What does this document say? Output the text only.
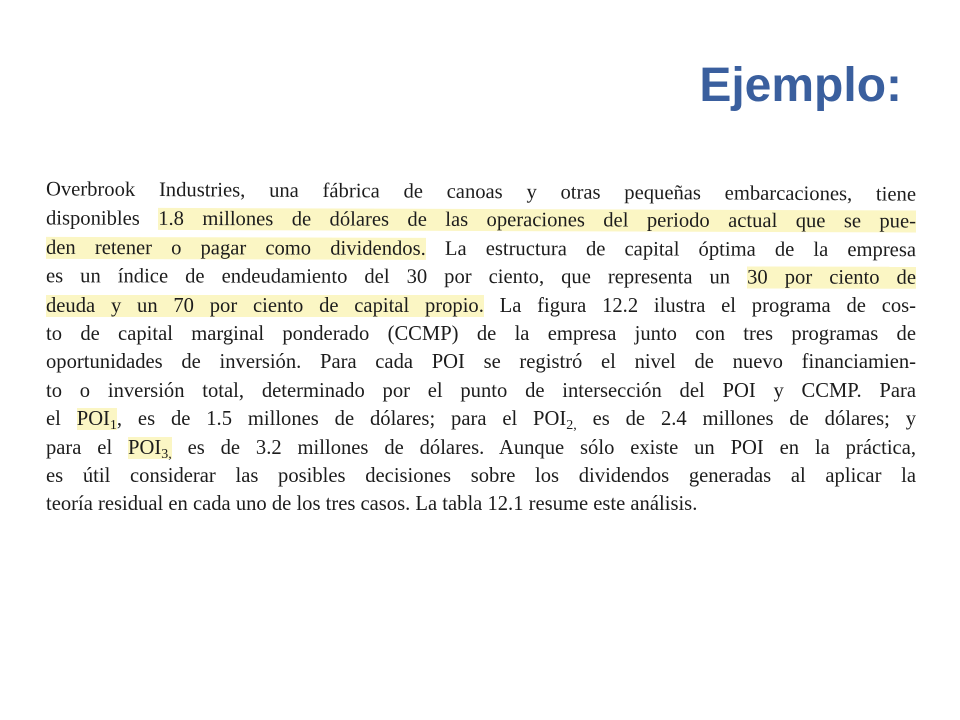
Ejemplo:
Overbrook Industries, una fábrica de canoas y otras pequeñas embarcaciones, tiene
disponibles 1.8 millones de dólares de las operaciones del periodo actual que se pue-
den retener o pagar como dividendos. La estructura de capital óptima de la empresa
es un índice de endeudamiento del 30 por ciento, que representa un 30 por ciento de
deuda y un 70 por ciento de capital propio. La figura 12.2 ilustra el programa de cos-
to de capital marginal ponderado (CCMP) de la empresa junto con tres programas de
oportunidades de inversión. Para cada POI se registró el nivel de nuevo financiamien-
to o inversión total, determinado por el punto de intersección del POI y CCMP. Para
el $POI_1$, es de 1.5 millones de dólares; para el $POI_{2,}$ es de 2.4 millones de dólares; y
para el $POI_{3,}$ es de 3.2 millones de dólares. Aunque sólo existe un POI en la práctica,
es útil considerar las posibles decisiones sobre los dividendos generadas al aplicar la
teoría residual en cada uno de los tres casos. La tabla 12.1 resume este análisis.
